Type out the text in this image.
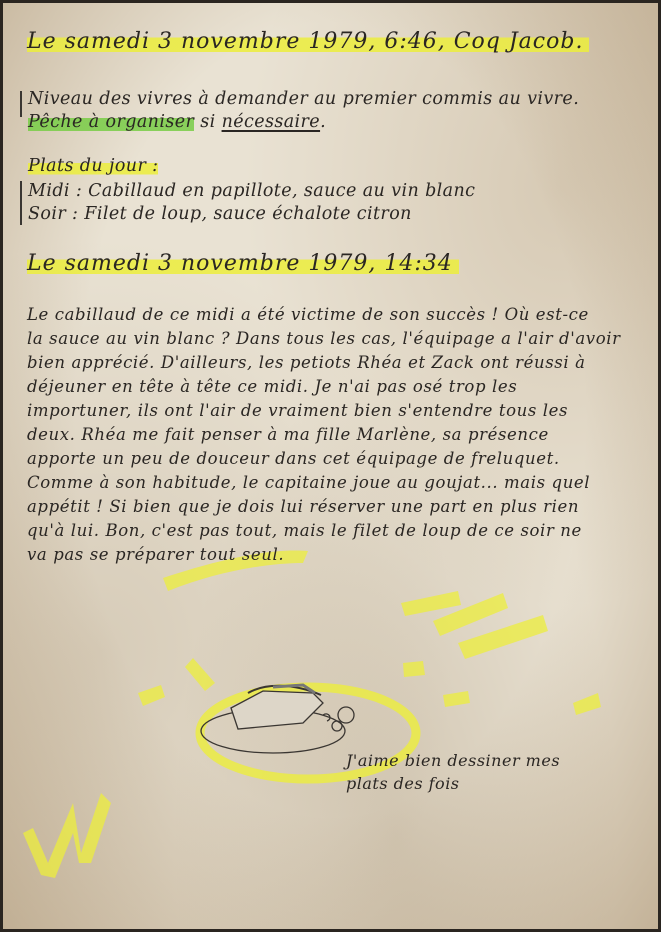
Le samedi 3 novembre 1979, 6:46, Coq Jacob.
Niveau des vivres à demander au premier commis au vivre.
Pêche à organiser si nécessaire.
Plats du jour :
Midi : Cabillaud en papillote, sauce au vin blanc
Soir : Filet de loup, sauce échalote citron
Le samedi 3 novembre 1979, 14:34
Le cabillaud de ce midi a été victime de son succès ! Où est-ce
la sauce au vin blanc ? Dans tous les cas, l'équipage a l'air d'avoir
bien apprécié. D'ailleurs, les petiots Rhéa et Zack ont réussi à
déjeuner en tête à tête ce midi. Je n'ai pas osé trop les
importuner, ils ont l'air de vraiment bien s'entendre tous les
deux. Rhéa me fait penser à ma fille Marlène, sa présence
apporte un peu de douceur dans cet équipage de freluquet.
Comme à son habitude, le capitaine joue au goujat... mais quel
appétit ! Si bien que je dois lui réserver une part en plus rien
qu'à lui. Bon, c'est pas tout, mais le filet de loup de ce soir ne
va pas se préparer tout seul.
J'aime bien dessiner mes
plats des fois
